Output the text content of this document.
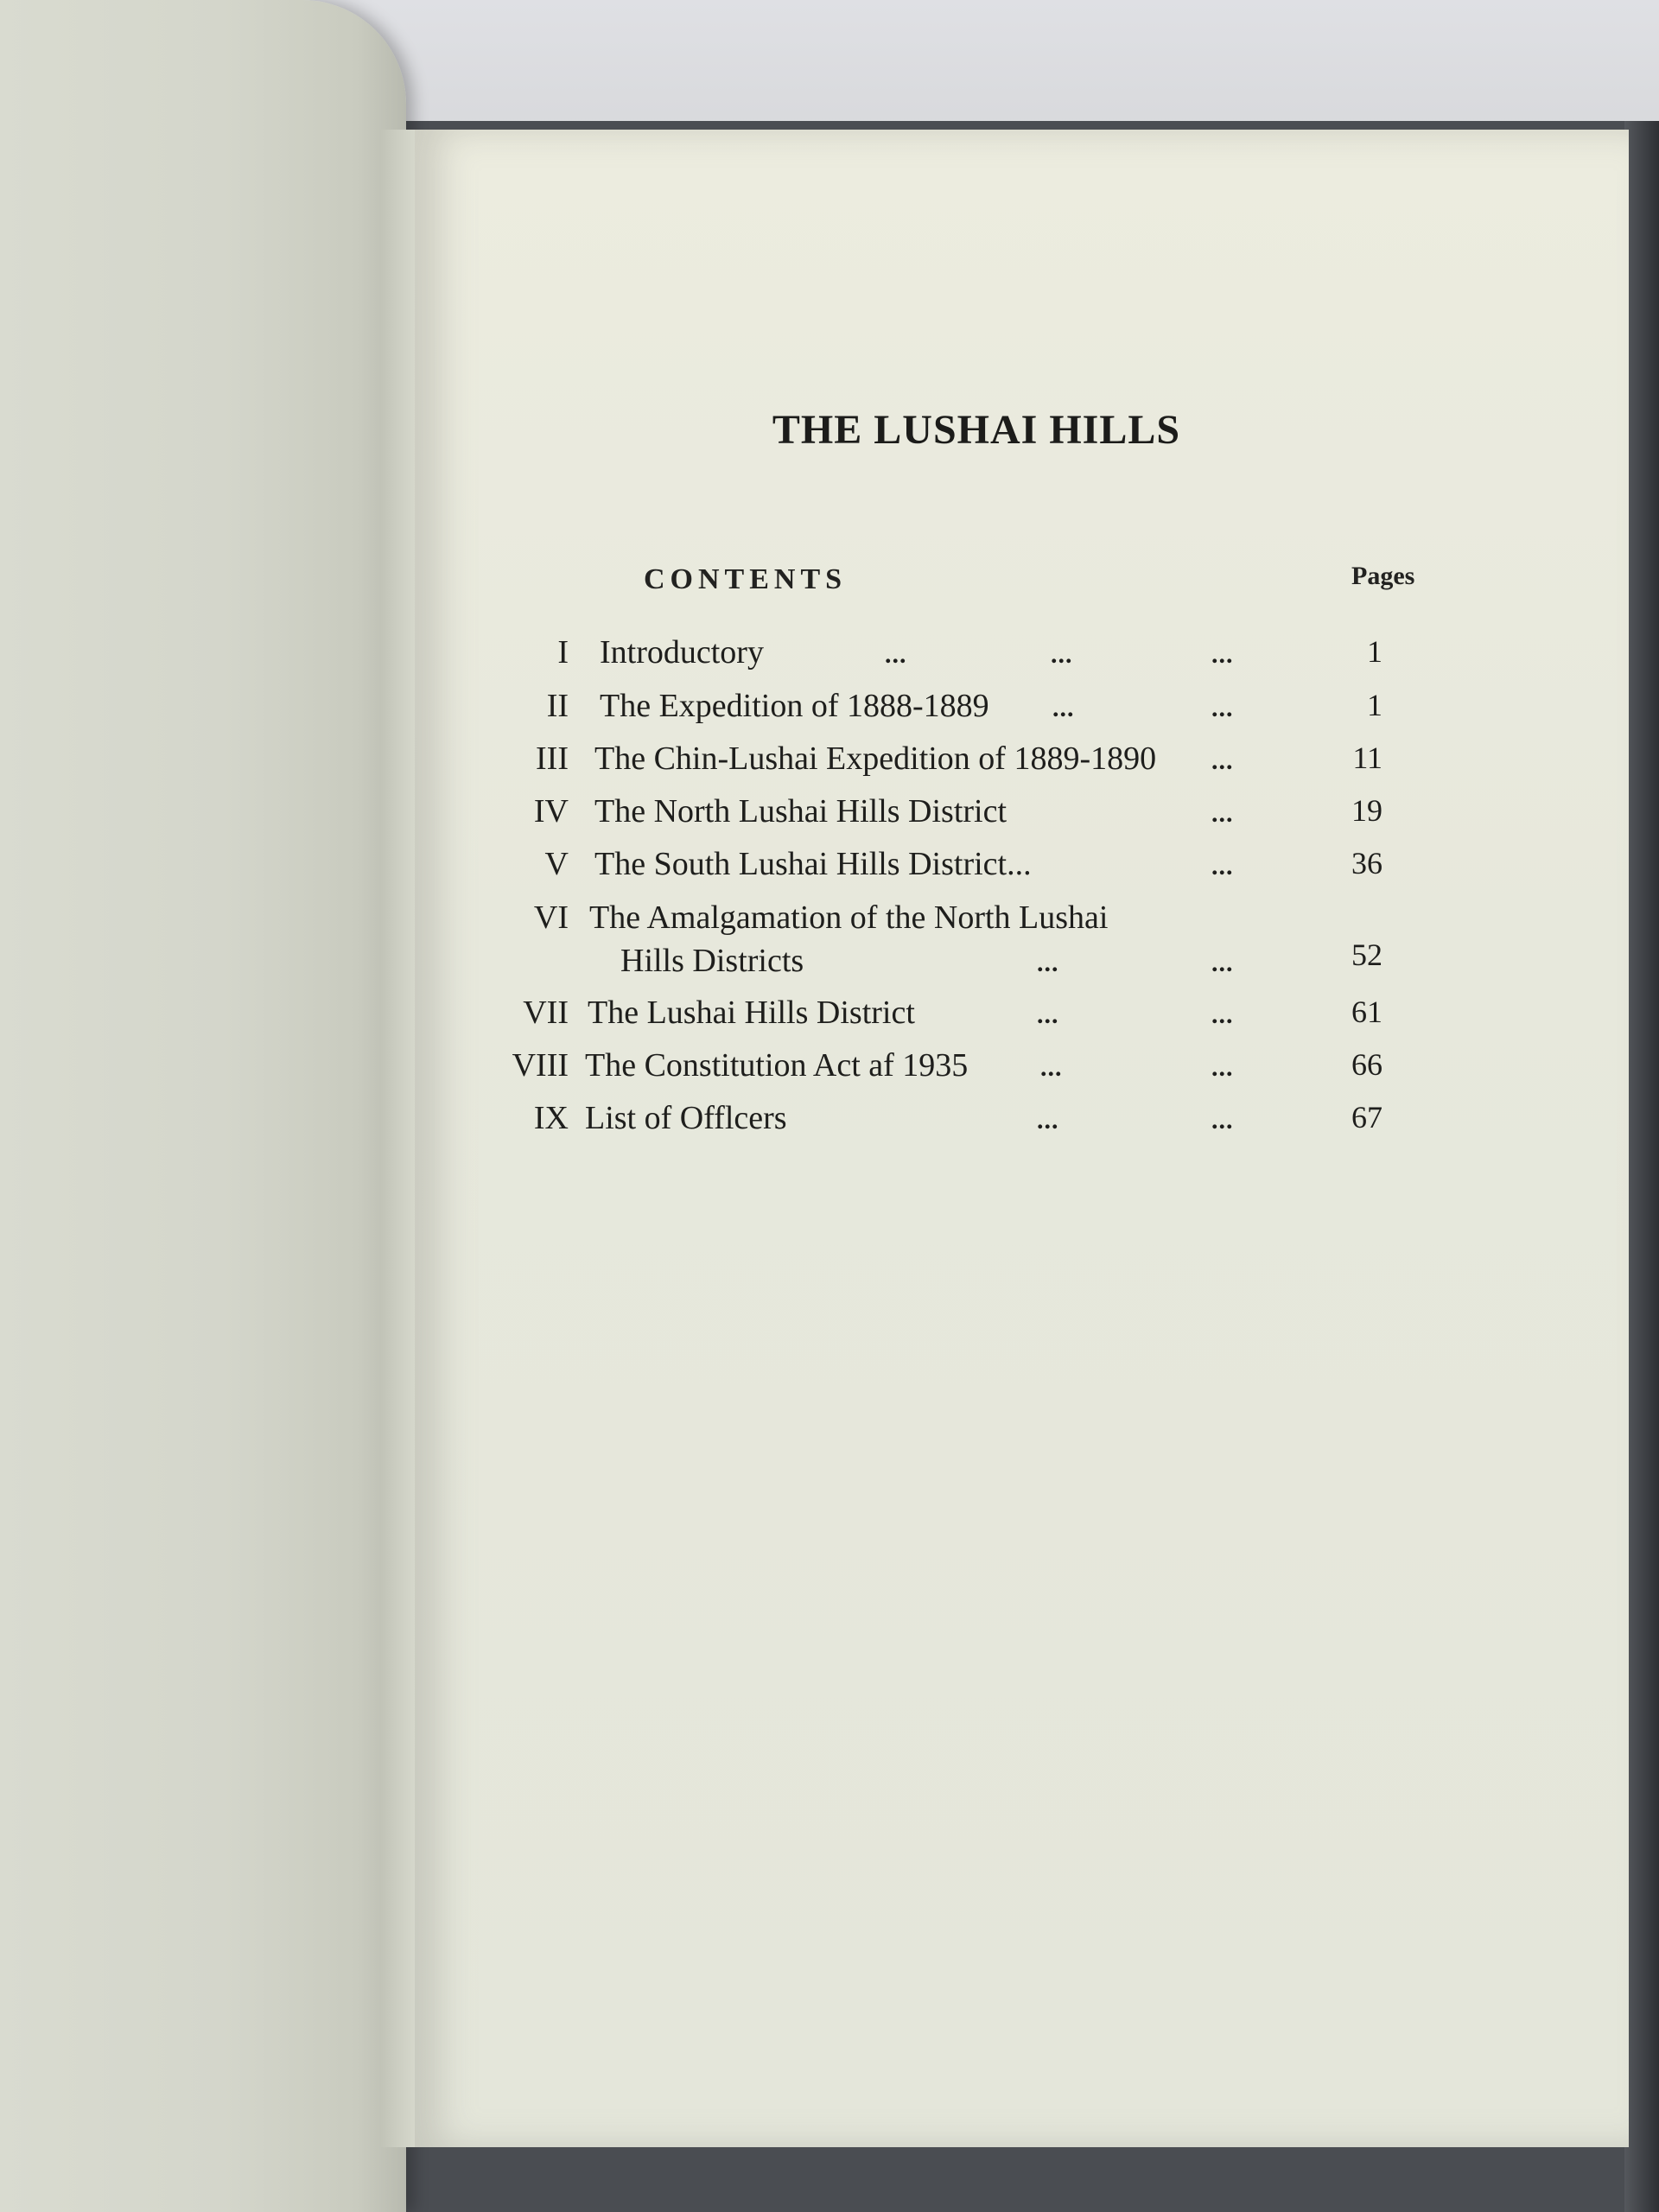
THE LUSHAI HILLS
CONTENTS	Pages
I Introductory	...	...	...	1
II The Expedition of 1888-1889 ...	...	1
III The Chin-Lushai Expedition of 1889-1890 ...	11
IV The North Lushai Hills District	...	19
V The South Lushai Hills District...	...	36
VI The Amalgamation of the North Lushai
Hills Districts	...	...	52
VII The Lushai Hills District	...	...	61
VIII The Constitution Act af 1935	...	...	66
IX List of Offlcers	...	...	67
